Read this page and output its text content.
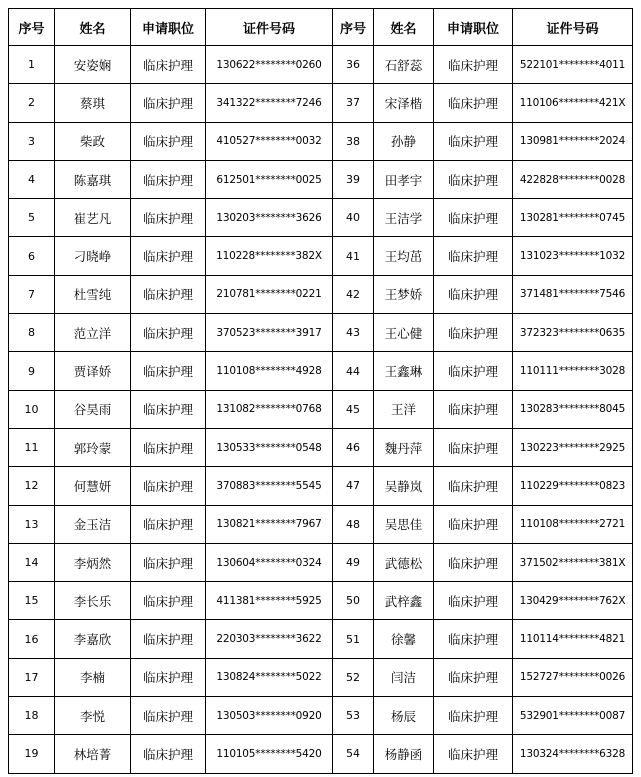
序号	姓名	申请职位	证件号码	序号	姓名	申请职位	证件号码
1	安姿娴	临床护理	130622********0260	36	石舒蕊	临床护理	522101********4011
2	蔡琪	临床护理	341322********7246	37	宋泽楷	临床护理	110106********421X
3	柴政	临床护理	410527********0032	38	孙静	临床护理	130981********2024
4	陈嘉琪	临床护理	612501********0025	39	田孝宇	临床护理	422828********0028
5	崔艺凡	临床护理	130203********3626	40	王洁学	临床护理	130281********0745
6	刁晓峥	临床护理	110228********382X	41	王均茁	临床护理	131023********1032
7	杜雪纯	临床护理	210781********0221	42	王梦娇	临床护理	371481********7546
8	范立洋	临床护理	370523********3917	43	王心健	临床护理	372323********0635
9	贾译娇	临床护理	110108********4928	44	王鑫琳	临床护理	110111********3028
10	谷昊雨	临床护理	131082********0768	45	王洋	临床护理	130283********8045
11	郭玲蒙	临床护理	130533********0548	46	魏丹萍	临床护理	130223********2925
12	何慧妍	临床护理	370883********5545	47	吴静岚	临床护理	110229********0823
13	金玉洁	临床护理	130821********7967	48	吴思佳	临床护理	110108********2721
14	李炳然	临床护理	130604********0324	49	武德松	临床护理	371502********381X
15	李长乐	临床护理	411381********5925	50	武梓鑫	临床护理	130429********762X
16	李嘉欣	临床护理	220303********3622	51	徐馨	临床护理	110114********4821
17	李楠	临床护理	130824********5022	52	闫洁	临床护理	152727********0026
18	李悦	临床护理	130503********0920	53	杨辰	临床护理	532901********0087
19	林培菁	临床护理	110105********5420	54	杨静函	临床护理	130324********6328
